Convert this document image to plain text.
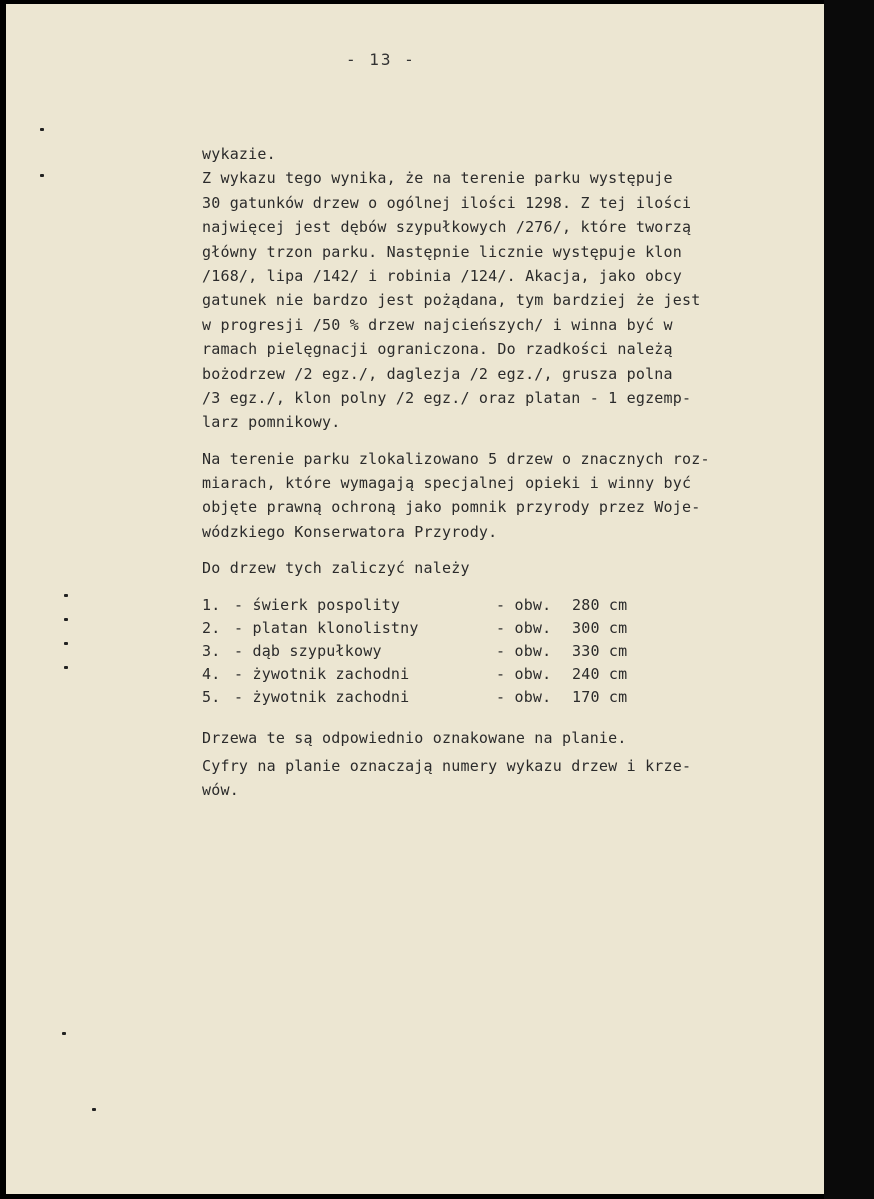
- 13 -
wykazie.
Z wykazu tego wynika, że na terenie parku występuje
30 gatunków drzew o ogólnej ilości 1298. Z tej ilości
najwięcej jest dębów szypułkowych /276/, które tworzą
główny trzon parku. Następnie licznie występuje klon
/168/, lipa /142/ i robinia /124/. Akacja, jako obcy
gatunek nie bardzo jest pożądana, tym bardziej że jest
w progresji /50 % drzew najcieńszych/ i winna być w
ramach pielęgnacji ograniczona. Do rzadkości należą
bożodrzew /2 egz./, daglezja /2 egz./, grusza polna
/3 egz./, klon polny /2 egz./ oraz platan - 1 egzemp-
larz pomnikowy.
Na terenie parku zlokalizowano 5 drzew o znacznych roz-
miarach, które wymagają specjalnej opieki i winny być
objęte prawną ochroną jako pomnik przyrody przez Woje-
wódzkiego Konserwatora Przyrody.
Do drzew tych zaliczyć należy
1. - świerk pospolity	- obw.	280 cm
2. - platan klonolistny	- obw.	300 cm
3. - dąb szypułkowy	- obw.	330 cm
4. - żywotnik zachodni	- obw.	240 cm
5. - żywotnik zachodni	- obw.	170 cm
Drzewa te są odpowiednio oznakowane na planie.
Cyfry na planie oznaczają numery wykazu drzew i krze-
wów.
